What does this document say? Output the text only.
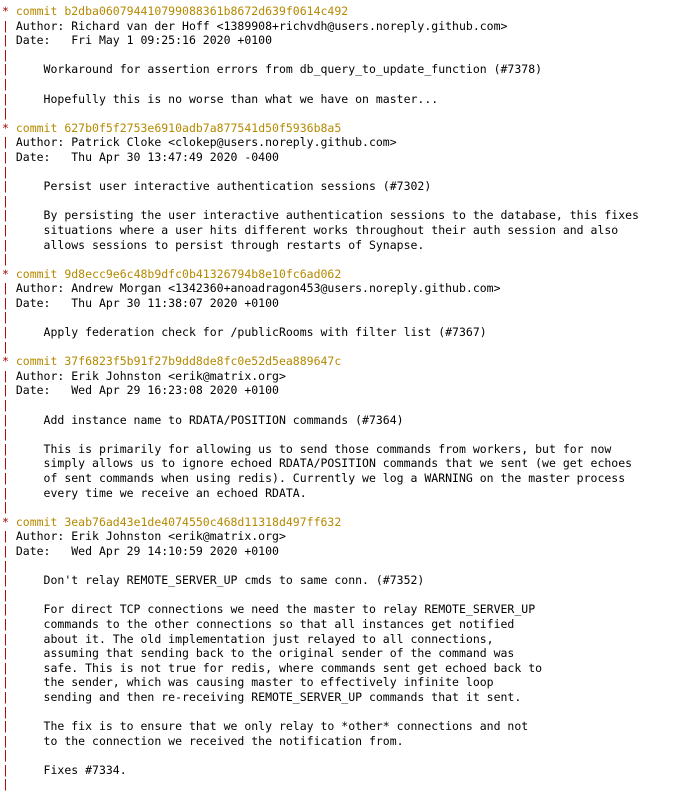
* commit b2dba060794410799088361b8672d639f0614c492
| Author: Richard van der Hoff <1389908+richvdh@users.noreply.github.com>
| Date:   Fri May 1 09:25:16 2020 +0100
|
|     Workaround for assertion errors from db_query_to_update_function (#7378)
|
|     Hopefully this is no worse than what we have on master...
|
* commit 627b0f5f2753e6910adb7a877541d50f5936b8a5
| Author: Patrick Cloke <clokep@users.noreply.github.com>
| Date:   Thu Apr 30 13:47:49 2020 -0400
|
|     Persist user interactive authentication sessions (#7302)
|
|     By persisting the user interactive authentication sessions to the database, this fixes
|     situations where a user hits different works throughout their auth session and also
|     allows sessions to persist through restarts of Synapse.
|
* commit 9d8ecc9e6c48b9dfc0b41326794b8e10fc6ad062
| Author: Andrew Morgan <1342360+anoadragon453@users.noreply.github.com>
| Date:   Thu Apr 30 11:38:07 2020 +0100
|
|     Apply federation check for /publicRooms with filter list (#7367)
|
* commit 37f6823f5b91f27b9dd8de8fc0e52d5ea889647c
| Author: Erik Johnston <erik@matrix.org>
| Date:   Wed Apr 29 16:23:08 2020 +0100
|
|     Add instance name to RDATA/POSITION commands (#7364)
|
|     This is primarily for allowing us to send those commands from workers, but for now
|     simply allows us to ignore echoed RDATA/POSITION commands that we sent (we get echoes
|     of sent commands when using redis). Currently we log a WARNING on the master process
|     every time we receive an echoed RDATA.
|
* commit 3eab76ad43e1de4074550c468d11318d497ff632
| Author: Erik Johnston <erik@matrix.org>
| Date:   Wed Apr 29 14:10:59 2020 +0100
|
|     Don't relay REMOTE_SERVER_UP cmds to same conn. (#7352)
|
|     For direct TCP connections we need the master to relay REMOTE_SERVER_UP
|     commands to the other connections so that all instances get notified
|     about it. The old implementation just relayed to all connections,
|     assuming that sending back to the original sender of the command was
|     safe. This is not true for redis, where commands sent get echoed back to
|     the sender, which was causing master to effectively infinite loop
|     sending and then re-receiving REMOTE_SERVER_UP commands that it sent.
|
|     The fix is to ensure that we only relay to *other* connections and not
|     to the connection we received the notification from.
|
|     Fixes #7334.
|
